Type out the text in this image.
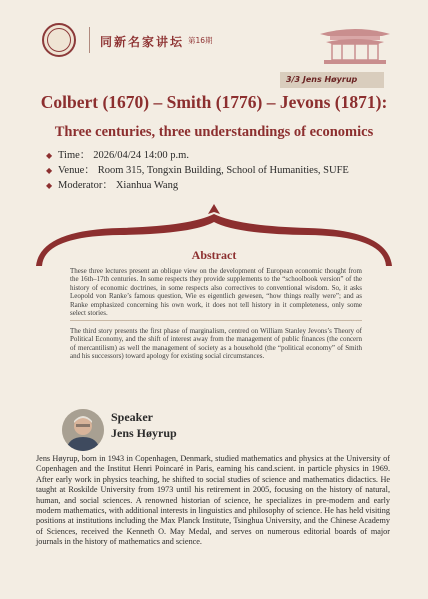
同新名家讲坛 第16期
3/3 Jens Høyrup
Colbert (1670) – Smith (1776) – Jevons (1871):
Three centuries, three understandings of economics
◆ Time： 2026/04/24 14:00 p.m.
◆ Venue： Room 315, Tongxin Building, School of Humanities, SUFE
◆ Moderator： Xianhua Wang
Abstract
These three lectures present an oblique view on the development of European economic thought from the 16th–17th centuries. In some respects they provide supplements to the “schoolbook version” of the history of economic doctrines, in some respects also correctives to conventional wisdom. So, it asks Leopold von Ranke’s famous question, Wie es eigentlich gewesen, “how things really were”; and as Ranke emphasized concerning his own work, it does not tell history in it completeness, only some select stories.
The third story presents the first phase of marginalism, centred on William Stanley Jevons’s Theory of Political Economy, and the shift of interest away from the management of public finances (the concern of mercantilism) as well the management of society as a household (the “political economy” of Smith and his successors) toward apology for existing social circumstances.
Speaker
Jens Høyrup
Jens Høyrup, born in 1943 in Copenhagen, Denmark, studied mathematics and physics at the University of Copenhagen and the Institut Henri Poincaré in Paris, earning his cand.scient. in particle physics in 1969. After early work in physics teaching, he shifted to social studies of science and mathematics didactics. He taught at Roskilde University from 1973 until his retirement in 2005, focusing on the history of natural, human, and social sciences. A renowned historian of science, he specializes in pre-modern and early modern mathematics, with additional interests in linguistics and philosophy of science. He has held visiting positions at institutions including the Max Planck Institute, Tsinghua University, and the Chinese Academy of Sciences, received the Kenneth O. May Medal, and serves on numerous editorial boards of major journals in the history of mathematics and science.
